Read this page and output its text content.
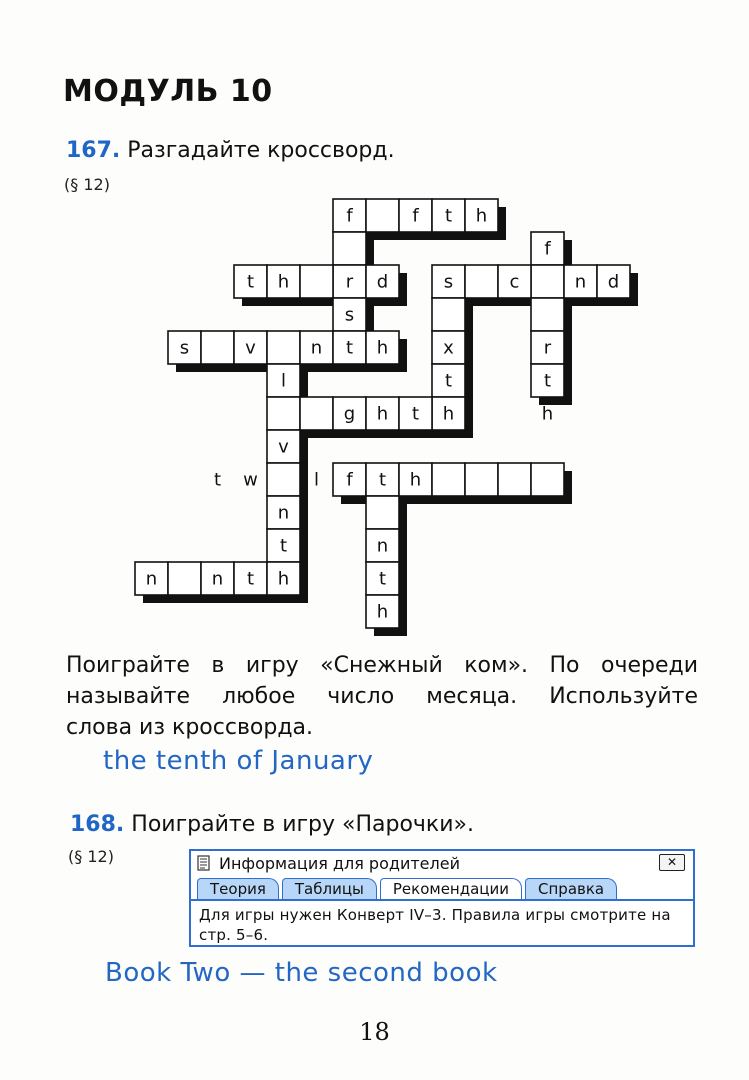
МОДУЛЬ 10
167. Разгадайте кроссворд.
(§ 12)
f	f t h
f
t h	r d	s	c	n d
s
s	v	n t h	x	r
l	t	t
g h t h	h
v
t w	l f t h
n
t	n
n	n t h	t
h
Поиграйте в игру «Снежный ком». По очереди
называйте любое число месяца. Используйте
слова из кроссворда.
the tenth of January
168. Поиграйте в игру «Парочки».
(§ 12)	Информация для родителей	✕
Теория	Таблицы	Рекомендации	Справка
Для игры нужен Конверт IV–3. Правила игры смотрите на стр. 5–6.
Book Two — the second book
18
